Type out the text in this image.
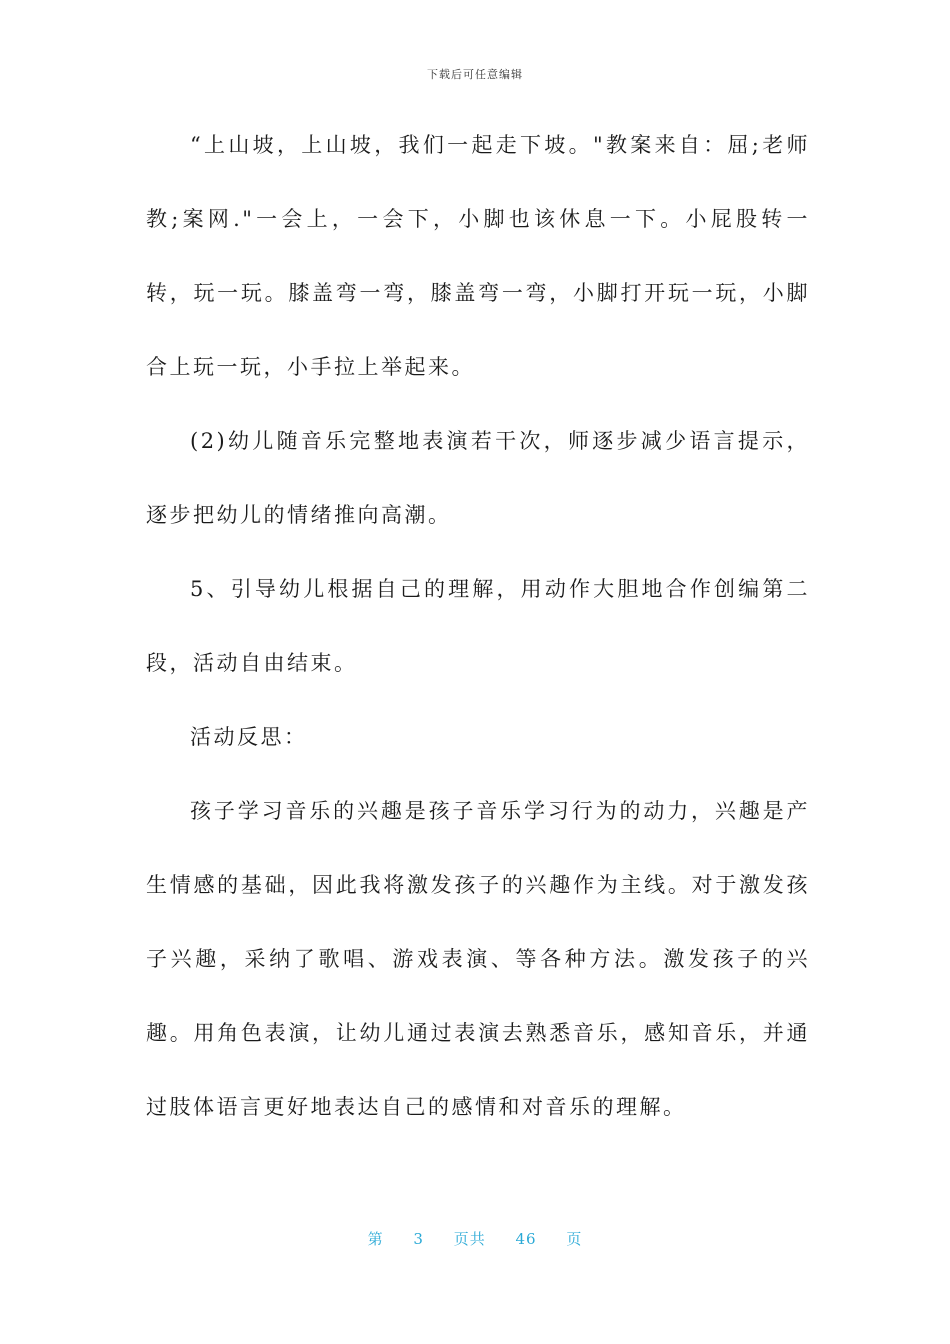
下载后可任意编辑

“上山坡，上山坡，我们一起走下坡。"教案来自：屈;老师教;案网."一会上，一会下，小脚也该休息一下。小屁股转一转，玩一玩。膝盖弯一弯，膝盖弯一弯，小脚打开玩一玩，小脚合上玩一玩，小手拉上举起来。

(2)幼儿随音乐完整地表演若干次，师逐步减少语言提示，逐步把幼儿的情绪推向高潮。

5、引导幼儿根据自己的理解，用动作大胆地合作创编第二段，活动自由结束。

活动反思：

孩子学习音乐的兴趣是孩子音乐学习行为的动力，兴趣是产生情感的基础，因此我将激发孩子的兴趣作为主线。对于激发孩子兴趣，采纳了歌唱、游戏表演、等各种方法。激发孩子的兴趣。用角色表演，让幼儿通过表演去熟悉音乐，感知音乐，并通过肢体语言更好地表达自己的感情和对音乐的理解。

第 3 页共 46 页
